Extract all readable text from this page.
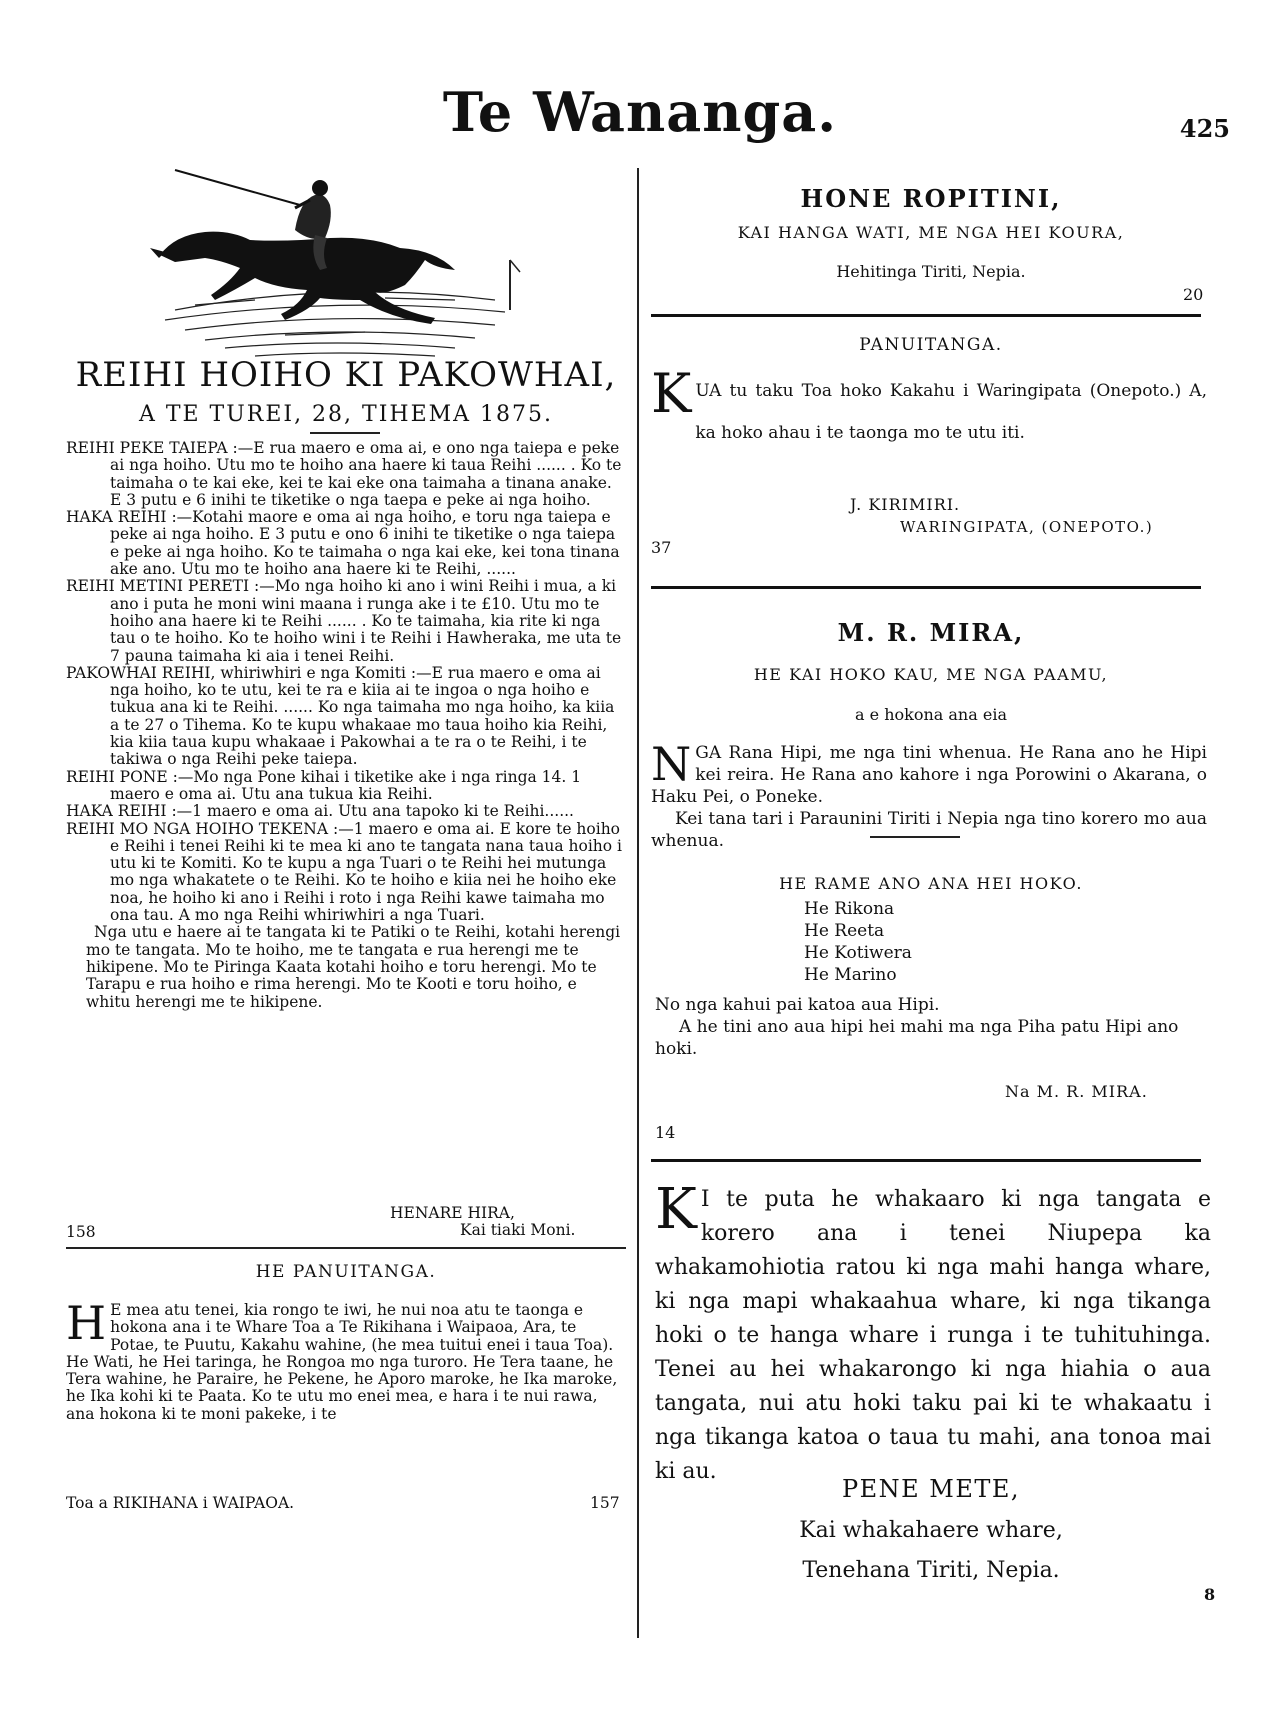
Te Wananga.	425
REIHI HOIHO KI PAKOWHAI,
A TE TUREI, 28, TIHEMA 1875.

REIHI PEKE TAIEPA :—E rua maero e oma ai, e ono nga taiepa e peke ai nga hoiho. Utu mo te hoiho ana haere ki taua Reihi ...... . Ko te taimaha o te kai eke, kei te kai eke ona taimaha a tinana anake. E 3 putu e 6 inihi te tiketike o nga taepa e peke ai nga hoiho.

HAKA REIHI :—Kotahi maore e oma ai nga hoiho, e toru nga taiepa e peke ai nga hoiho. E 3 putu e ono 6 inihi te tiketike o nga taiepa e peke ai nga hoiho. Ko te taimaha o nga kai eke, kei tona tinana ake ano. Utu mo te hoiho ana haere ki te Reihi, ......

REIHI METINI PERETI :—Mo nga hoiho ki ano i wini Reihi i mua, a ki ano i puta he moni wini maana i runga ake i te £10. Utu mo te hoiho ana haere ki te Reihi ...... . Ko te taimaha, kia rite ki nga tau o te hoiho. Ko te hoiho wini i te Reihi i Hawheraka, me uta te 7 pauna taimaha ki aia i tenei Reihi.

PAKOWHAI REIHI, whiriwhiri e nga Komiti :—E rua maero e oma ai nga hoiho, ko te utu, kei te ra e kiia ai te ingoa o nga hoiho e tukua ana ki te Reihi. ...... Ko nga taimaha mo nga hoiho, ka kiia a te 27 o Tihema. Ko te kupu whakaae mo taua hoiho kia Reihi, kia kiia taua kupu whakaae i Pakowhai a te ra o te Reihi, i te takiwa o nga Reihi peke taiepa.

REIHI PONE :—Mo nga Pone kihai i tiketike ake i nga ringa 14. 1 maero e oma ai. Utu ana tukua kia Reihi.

HAKA REIHI :—1 maero e oma ai. Utu ana tapoko ki te Reihi......

REIHI MO NGA HOIHO TEKENA :—1 maero e oma ai. E kore te hoiho e Reihi i tenei Reihi ki te mea ki ano te tangata nana taua hoiho i utu ki te Komiti. Ko te kupu a nga Tuari o te Reihi hei mutunga mo nga whakatete o te Reihi. Ko te hoiho e kiia nei he hoiho eke noa, he hoiho ki ano i Reihi i roto i nga Reihi kawe taimaha mo ona tau. A mo nga Reihi whiriwhiri a nga Tuari.

Nga utu e haere ai te tangata ki te Patiki o te Reihi, kotahi herengi mo te tangata. Mo te hoiho, me te tangata e rua herengi me te hikipene. Mo te Piringa Kaata kotahi hoiho e toru herengi. Mo te Tarapu e rua hoiho e rima herengi. Mo te Kooti e toru hoiho, e whitu herengi me te hikipene.

HENARE HIRA,
158	Kai tiaki Moni.
HE PANUITANGA.
H E mea atu tenei, kia rongo te iwi, he nui noa atu te taonga e hokona ana i te Whare Toa a Te Rikihana i Waipaoa, Ara, te Potae, te Puutu, Kakahu wahine, (he mea tuitui enei i taua Toa). He Wati, he Hei taringa, he Rongoa mo nga turoro. He Tera taane, he Tera wahine, he Paraire, he Pekene, he Aporo maroke, he Ika maroke, he Ika kohi ki te Paata. Ko te utu mo enei mea, e hara i te nui rawa, ana hokona ki te moni pakeke, i te
Toa a RIKIHANA i WAIPAOA.	157
HONE ROPITINI,
KAI HANGA WATI, ME NGA HEI KOURA,
Hehitinga Tiriti, Nepia.
20
PANUITANGA.
K UA tu taku Toa hoko Kakahu i Waringipata (Onepoto.) A, ka hoko ahau i te taonga mo te utu iti.
J. KIRIMIRI.
WARINGIPATA, (ONEPOTO.)
37
M. R. MIRA,
HE KAI HOKO KAU, ME NGA PAAMU,
a e hokona ana eia
N GA Rana Hipi, me nga tini whenua. He Rana ano he Hipi kei reira. He Rana ano kahore i nga Porowini o Akarana, o Haku Pei, o Poneke.

Kei tana tari i Paraunini Tiriti i Nepia nga tino korero mo aua whenua.

HE RAME ANO ANA HEI HOKO.
He Rikona
He Reeta
He Kotiwera
He Marino

No nga kahui pai katoa aua Hipi.

A he tini ano aua hipi hei mahi ma nga Piha patu Hipi ano hoki.

Na M. R. MIRA.
14
K I te puta he whakaaro ki nga tangata e korero ana i tenei Niupepa ka whakamohiotia ratou ki nga mahi hanga whare, ki nga mapi whakaahua whare, ki nga tikanga hoki o te hanga whare i runga i te tuhituhinga. Tenei au hei whakarongo ki nga hiahia o aua tangata, nui atu hoki taku pai ki te whakaatu i nga tikanga katoa o taua tu mahi, ana tonoa mai ki au.
PENE METE,
Kai whakahaere whare,
Tenehana Tiriti, Nepia.
8
